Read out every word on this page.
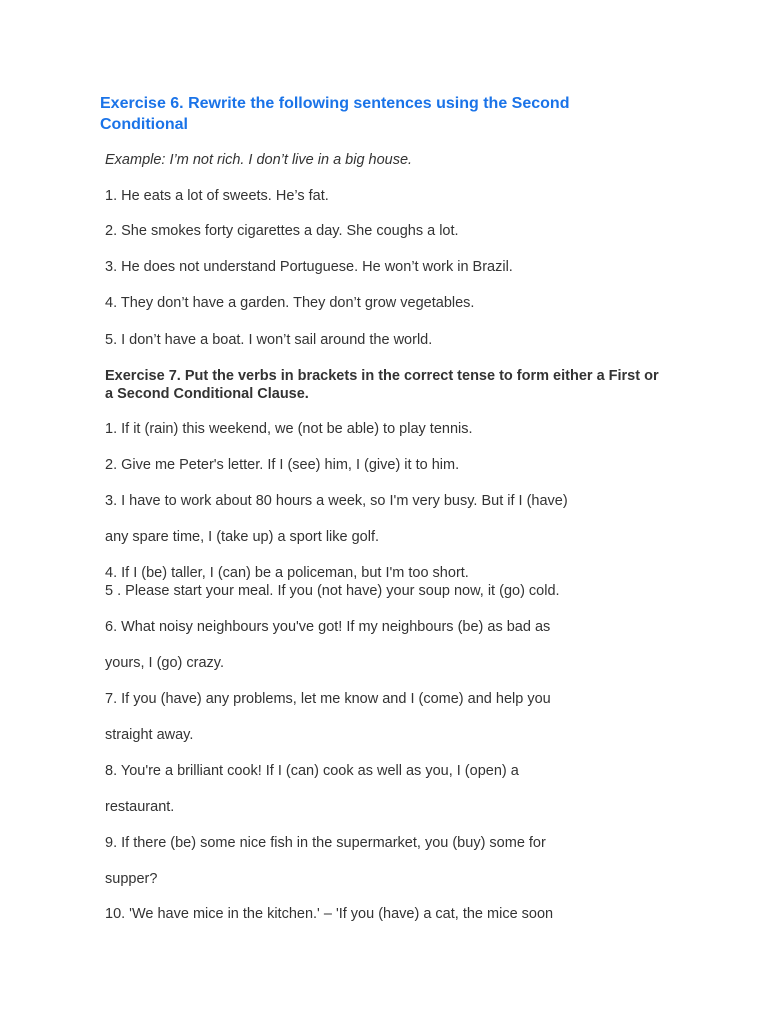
Exercise 6. Rewrite the following sentences using the Second Conditional

Example: I’m not rich. I don’t live in a big house.

1. He eats a lot of sweets. He’s fat.

2. She smokes forty cigarettes a day. She coughs a lot.

3. He does not understand Portuguese. He won’t work in Brazil.

4. They don’t have a garden. They don’t grow vegetables.

5. I don’t have a boat. I won’t sail around the world.

Exercise 7. Put the verbs in brackets in the correct tense to form either a First or a Second Conditional Clause.

1. If it (rain) this weekend, we (not be able) to play tennis.

2. Give me Peter's letter. If I (see) him, I (give) it to him.

3. I have to work about 80 hours a week, so I'm very busy. But if I (have)

any spare time, I (take up) a sport like golf.

4. If I (be) taller, I (can) be a policeman, but I'm too short.

5 . Please start your meal. If you (not have) your soup now, it (go) cold.

6. What noisy neighbours you've got! If my neighbours (be) as bad as

yours, I (go) crazy.

7. If you (have) any problems, let me know and I (come) and help you

straight away.

8. You're a brilliant cook! If I (can) cook as well as you, I (open) a

restaurant.

9. If there (be) some nice fish in the supermarket, you (buy) some for

supper?

10. 'We have mice in the kitchen.' – 'If you (have) a cat, the mice soon
